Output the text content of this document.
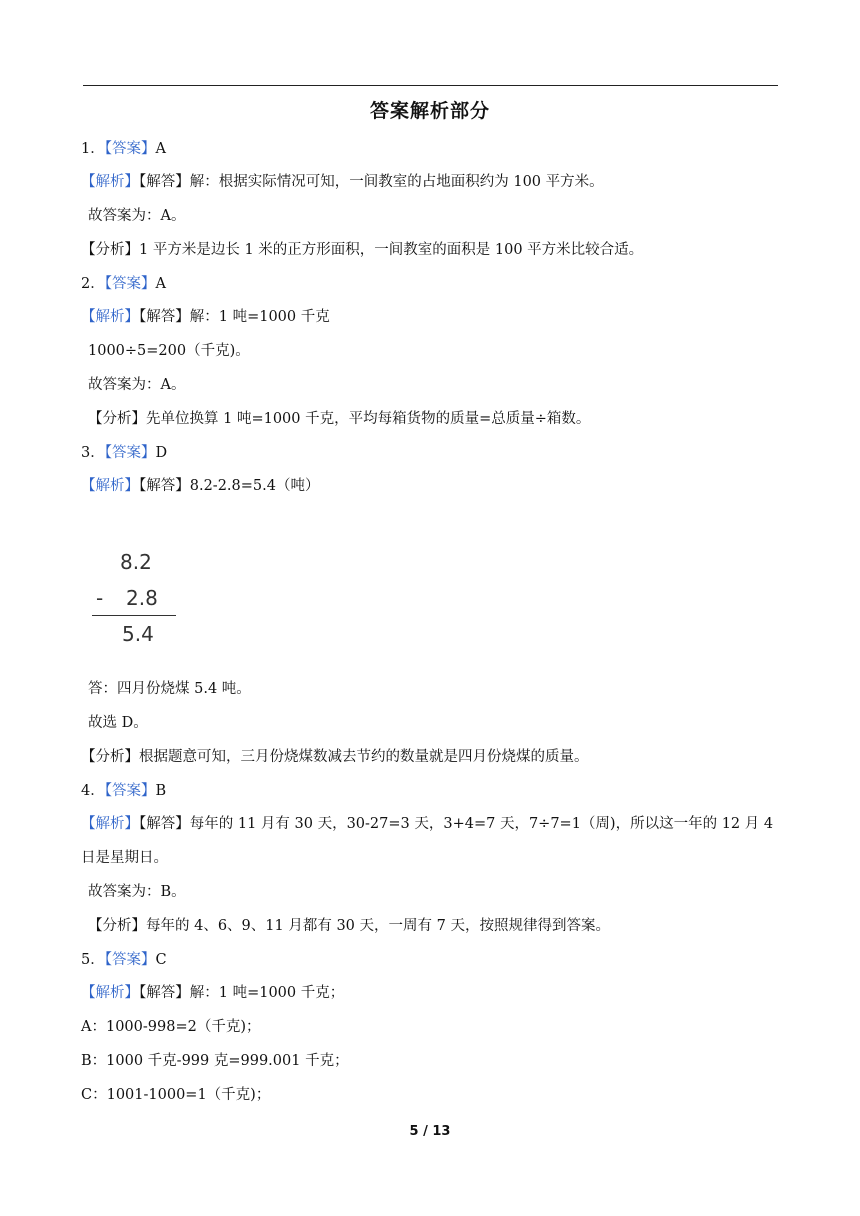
答案解析部分
1．【答案】A
【解析】【解答】解：根据实际情况可知，一间教室的占地面积约为 100 平方米。
故答案为：A。
【分析】1 平方米是边长 1 米的正方形面积，一间教室的面积是 100 平方米比较合适。
2．【答案】A
【解析】【解答】解：1 吨=1000 千克
1000÷5=200（千克)。
故答案为：A。
【分析】先单位换算 1 吨=1000 千克，平均每箱货物的质量=总质量÷箱数。
3．【答案】D
【解析】【解答】8.2-2.8=5.4（吨）
8.2
- 2.8
5.4
答：四月份烧煤 5.4 吨。
故选 D。
【分析】根据题意可知，三月份烧煤数减去节约的数量就是四月份烧煤的质量。
4．【答案】B
【解析】【解答】每年的 11 月有 30 天，30-27=3 天，3+4=7 天，7÷7=1（周)，所以这一年的 12 月 4
日是星期日。
故答案为：B。
【分析】每年的 4、6、9、11 月都有 30 天，一周有 7 天，按照规律得到答案。
5．【答案】C
【解析】【解答】解：1 吨=1000 千克；
A：1000-998=2（千克)；
B：1000 千克-999 克=999.001 千克；
C：1001-1000=1（千克)；
5 / 13
